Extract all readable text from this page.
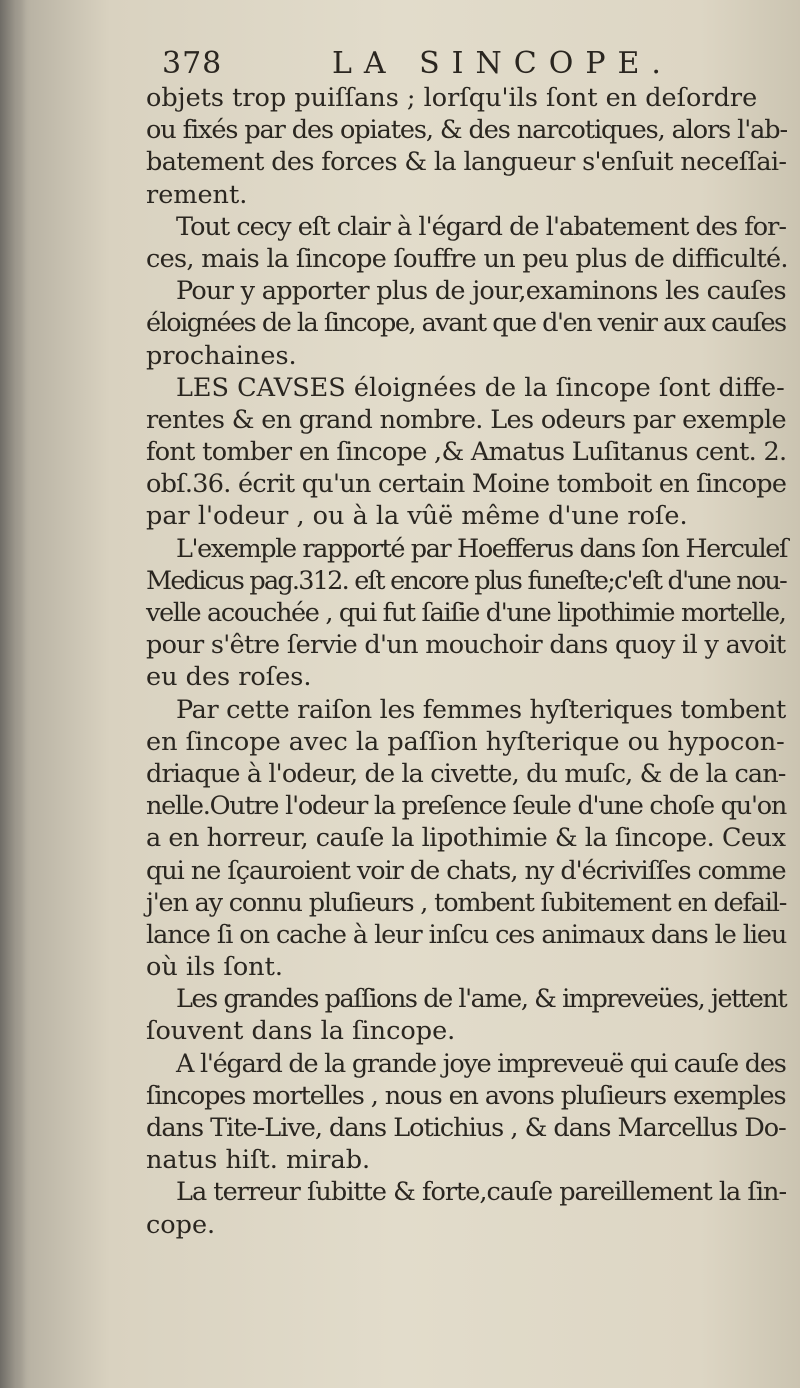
378	LA SINCOPE.
objets trop puiſſans ; lorſqu'ils ſont en deſordre
ou fixés par des opiates, & des narcotiques, alors l'ab-
batement des forces & la langueur s'enſuit neceſſai-
rement.
Tout cecy eſt clair à l'égard de l'abatement des for-
ces, mais la ſincope ſouffre un peu plus de difficulté.
Pour y apporter plus de jour,examinons les cauſes
éloignées de la ſincope, avant que d'en venir aux cauſes
prochaines.
LES CAVSES éloignées de la ſincope ſont diffe-
rentes & en grand nombre. Les odeurs par exemple
font tomber en ſincope ,& Amatus Luſitanus cent. 2.
obſ.36. écrit qu'un certain Moine tomboit en ſincope
par l'odeur , ou à la vûë même d'une roſe.
L'exemple rapporté par Hoefferus dans ſon Herculeſ
Medicus pag.312. eſt encore plus funeſte;c'eſt d'une nou-
velle acouchée , qui fut ſaiſie d'une lipothimie mortelle,
pour s'être ſervie d'un mouchoir dans quoy il y avoit
eu des roſes.
Par cette raiſon les femmes hyſteriques tombent
en ſincope avec la paſſion hyſterique ou hypocon-
driaque à l'odeur, de la civette, du muſc, & de la can-
nelle.Outre l'odeur la preſence ſeule d'une choſe qu'on
a en horreur, cauſe la lipothimie & la ſincope. Ceux
qui ne ſçauroient voir de chats, ny d'écriviſſes comme
j'en ay connu pluſieurs , tombent ſubitement en defail-
lance ſi on cache à leur inſcu ces animaux dans le lieu
où ils ſont.
Les grandes paſſions de l'ame, & impreveües, jettent
ſouvent dans la ſincope.
A l'égard de la grande joye impreveuë qui cauſe des
ſincopes mortelles , nous en avons pluſieurs exemples
dans Tite-Live, dans Lotichius , & dans Marcellus Do-
natus hiſt. mirab.
La terreur ſubitte & forte,cauſe pareillement la ſin-
cope.
